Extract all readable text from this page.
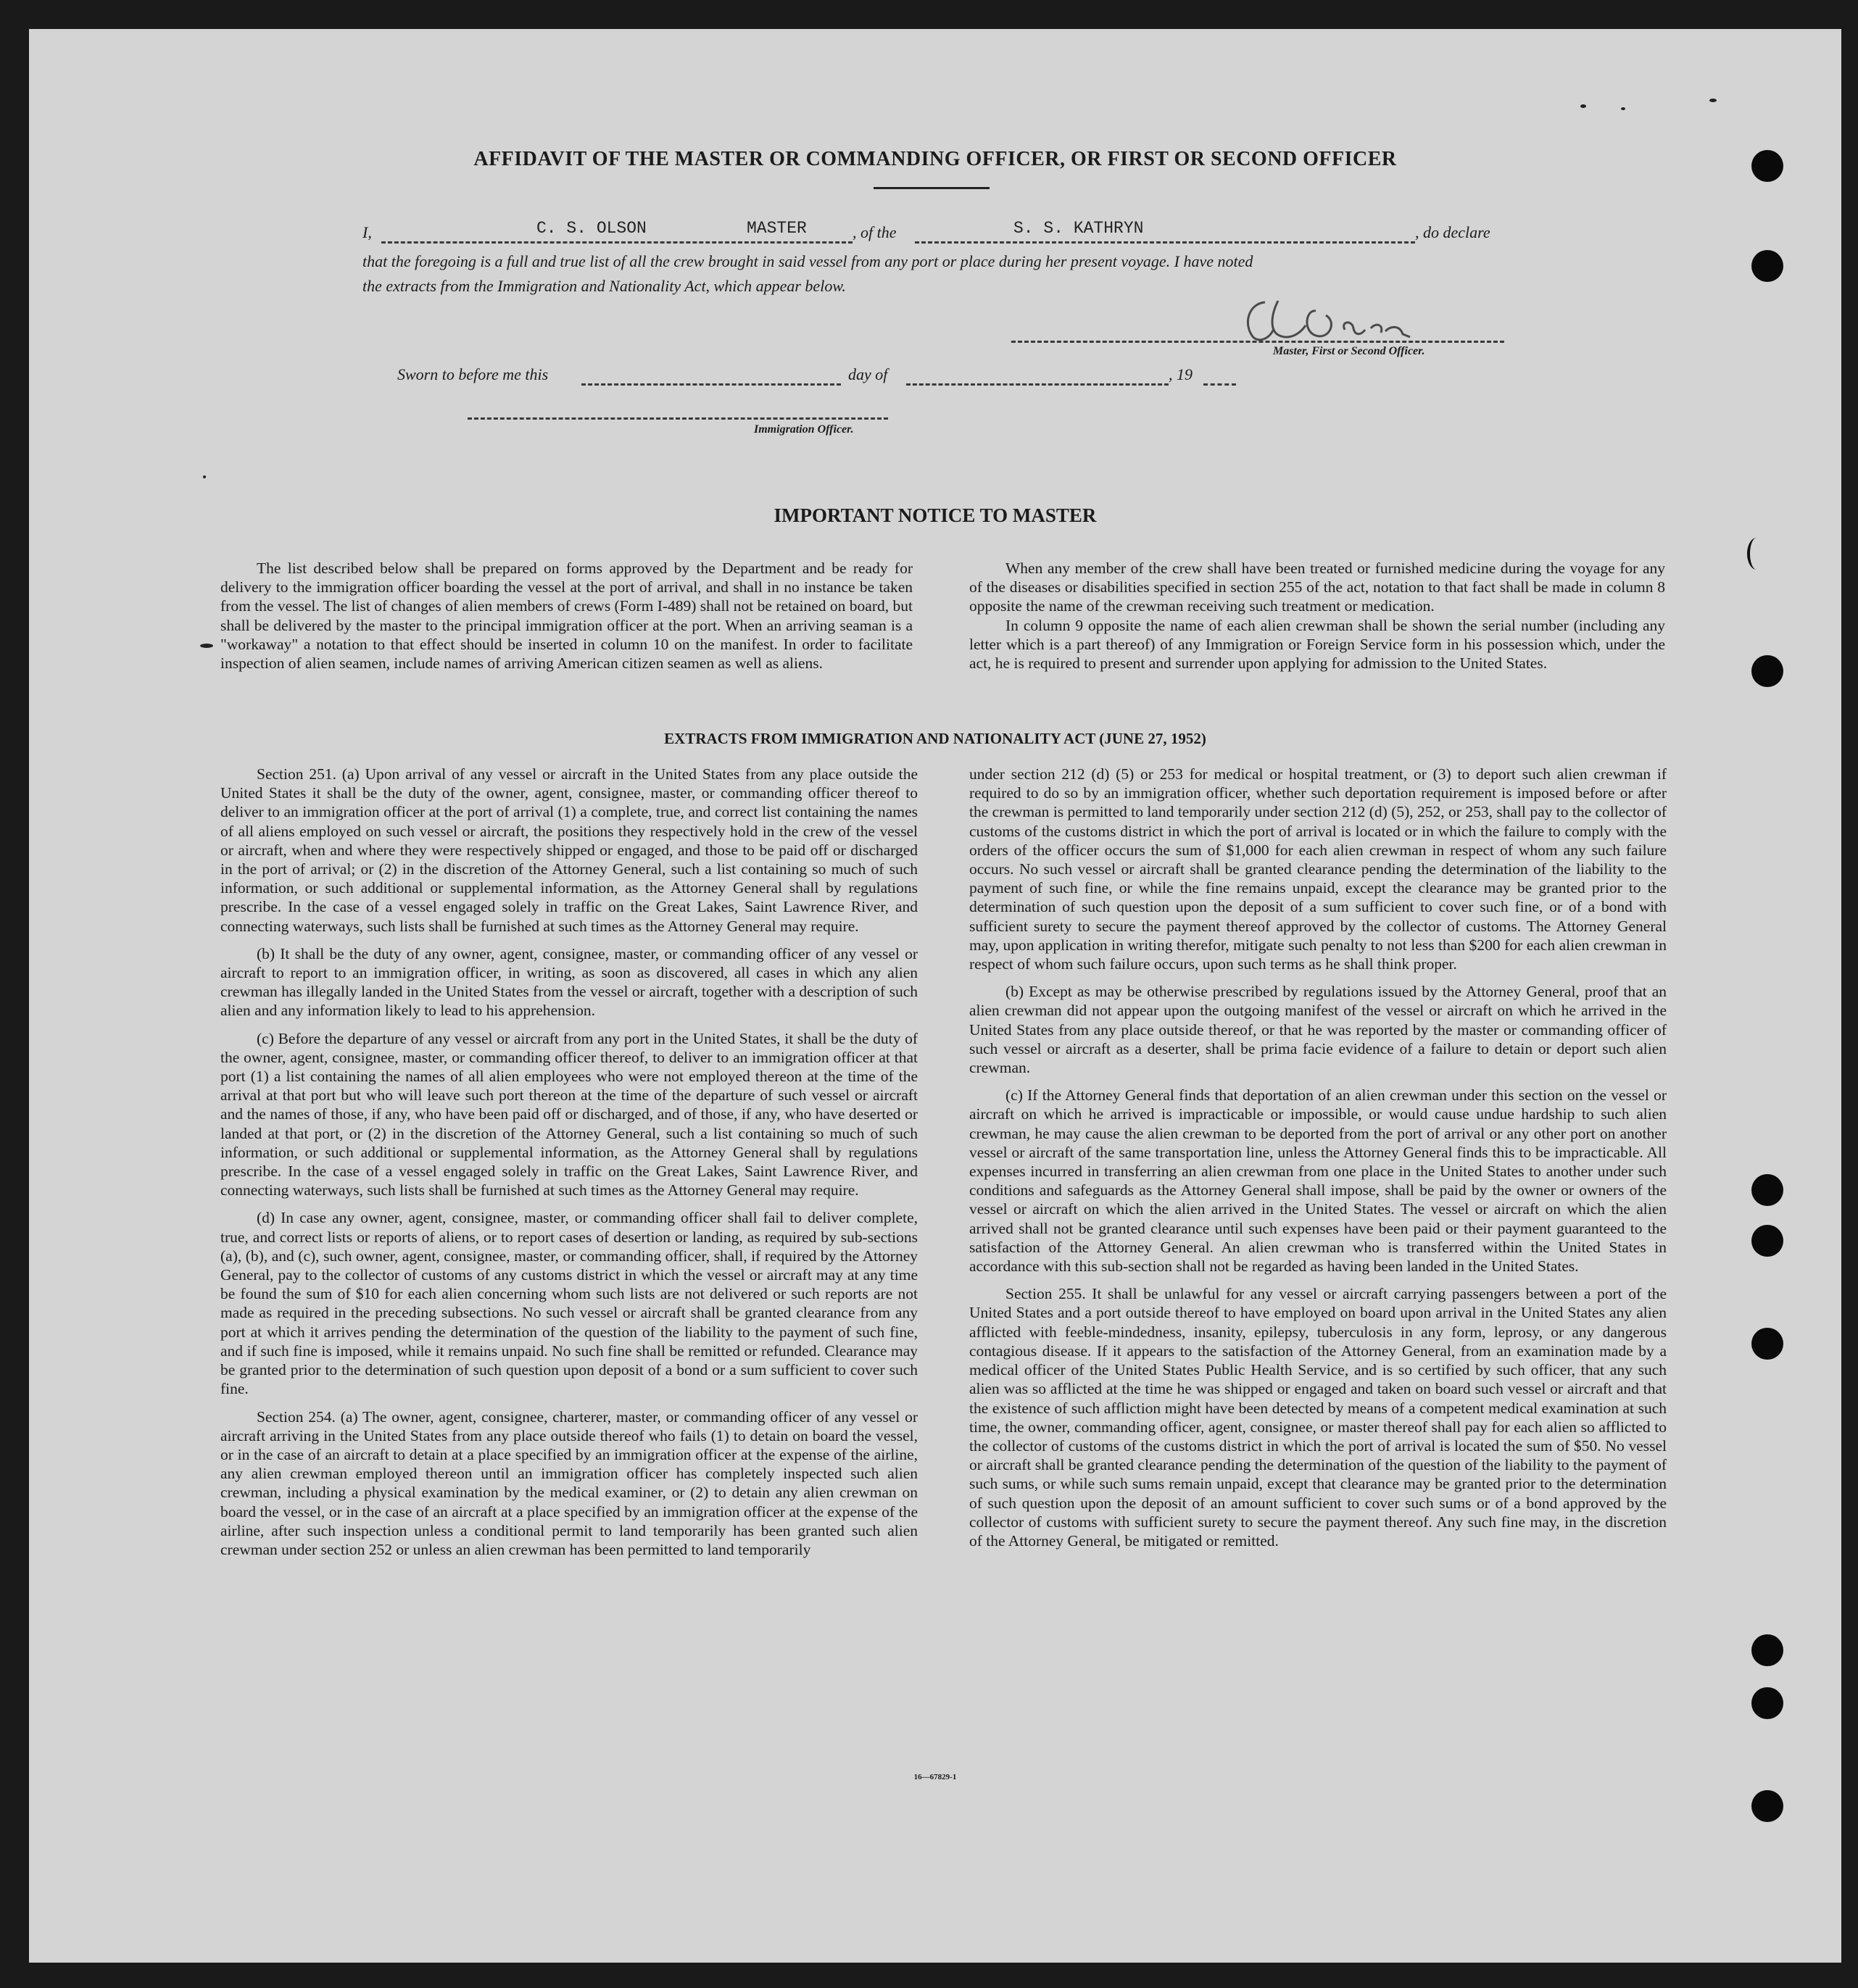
AFFIDAVIT OF THE MASTER OR COMMANDING OFFICER, OR FIRST OR SECOND OFFICER
I,	C. S. OLSON	MASTER	, of the	S. S. KATHRYN	, do declare
that the foregoing is a full and true list of all the crew brought in said vessel from any port or place during her present voyage. I have noted
the extracts from the Immigration and Nationality Act, which appear below.
Master, First or Second Officer.
Sworn to before me this	day of	, 19
Immigration Officer.
IMPORTANT NOTICE TO MASTER

The list described below shall be prepared on forms approved by the Department and be ready for delivery to the immigration officer boarding the vessel at the port of arrival, and shall in no instance be taken from the vessel. The list of changes of alien members of crews (Form I-489) shall not be retained on board, but shall be delivered by the master to the principal immigration officer at the port. When an arriving seaman is a "workaway" a notation to that effect should be inserted in column 10 on the manifest. In order to facilitate inspection of alien seamen, include names of arriving American citizen seamen as well as aliens.

When any member of the crew shall have been treated or furnished medicine during the voyage for any of the diseases or disabilities specified in section 255 of the act, notation to that fact shall be made in column 8 opposite the name of the crewman receiving such treatment or medication.

In column 9 opposite the name of each alien crewman shall be shown the serial number (including any letter which is a part thereof) of any Immigration or Foreign Service form in his possession which, under the act, he is required to present and surrender upon applying for admission to the United States.

EXTRACTS FROM IMMIGRATION AND NATIONALITY ACT (JUNE 27, 1952)

Section 251. (a) Upon arrival of any vessel or aircraft in the United States from any place outside the United States it shall be the duty of the owner, agent, consignee, master, or commanding officer thereof to deliver to an immigration officer at the port of arrival (1) a complete, true, and correct list containing the names of all aliens employed on such vessel or aircraft, the positions they respectively hold in the crew of the vessel or aircraft, when and where they were respectively shipped or engaged, and those to be paid off or discharged in the port of arrival; or (2) in the discretion of the Attorney General, such a list containing so much of such information, or such additional or supplemental information, as the Attorney General shall by regulations prescribe. In the case of a vessel engaged solely in traffic on the Great Lakes, Saint Lawrence River, and connecting waterways, such lists shall be furnished at such times as the Attorney General may require.

(b) It shall be the duty of any owner, agent, consignee, master, or commanding officer of any vessel or aircraft to report to an immigration officer, in writing, as soon as discovered, all cases in which any alien crewman has illegally landed in the United States from the vessel or aircraft, together with a description of such alien and any information likely to lead to his apprehension.

(c) Before the departure of any vessel or aircraft from any port in the United States, it shall be the duty of the owner, agent, consignee, master, or commanding officer thereof, to deliver to an immigration officer at that port (1) a list containing the names of all alien employees who were not employed thereon at the time of the arrival at that port but who will leave such port thereon at the time of the departure of such vessel or aircraft and the names of those, if any, who have been paid off or discharged, and of those, if any, who have deserted or landed at that port, or (2) in the discretion of the Attorney General, such a list containing so much of such information, or such additional or supplemental information, as the Attorney General shall by regulations prescribe. In the case of a vessel engaged solely in traffic on the Great Lakes, Saint Lawrence River, and connecting waterways, such lists shall be furnished at such times as the Attorney General may require.

(d) In case any owner, agent, consignee, master, or commanding officer shall fail to deliver complete, true, and correct lists or reports of aliens, or to report cases of desertion or landing, as required by sub-sections (a), (b), and (c), such owner, agent, consignee, master, or commanding officer, shall, if required by the Attorney General, pay to the collector of customs of any customs district in which the vessel or aircraft may at any time be found the sum of $10 for each alien concerning whom such lists are not delivered or such reports are not made as required in the preceding subsections. No such vessel or aircraft shall be granted clearance from any port at which it arrives pending the determination of the question of the liability to the payment of such fine, and if such fine is imposed, while it remains unpaid. No such fine shall be remitted or refunded. Clearance may be granted prior to the determination of such question upon deposit of a bond or a sum sufficient to cover such fine.

Section 254. (a) The owner, agent, consignee, charterer, master, or commanding officer of any vessel or aircraft arriving in the United States from any place outside thereof who fails (1) to detain on board the vessel, or in the case of an aircraft to detain at a place specified by an immigration officer at the expense of the airline, any alien crewman employed thereon until an immigration officer has completely inspected such alien crewman, including a physical examination by the medical examiner, or (2) to detain any alien crewman on board the vessel, or in the case of an aircraft at a place specified by an immigration officer at the expense of the airline, after such inspection unless a conditional permit to land temporarily has been granted such alien crewman under section 252 or unless an alien crewman has been permitted to land temporarily

under section 212 (d) (5) or 253 for medical or hospital treatment, or (3) to deport such alien crewman if required to do so by an immigration officer, whether such deportation requirement is imposed before or after the crewman is permitted to land temporarily under section 212 (d) (5), 252, or 253, shall pay to the collector of customs of the customs district in which the port of arrival is located or in which the failure to comply with the orders of the officer occurs the sum of $1,000 for each alien crewman in respect of whom any such failure occurs. No such vessel or aircraft shall be granted clearance pending the determination of the liability to the payment of such fine, or while the fine remains unpaid, except the clearance may be granted prior to the determination of such question upon the deposit of a sum sufficient to cover such fine, or of a bond with sufficient surety to secure the payment thereof approved by the collector of customs. The Attorney General may, upon application in writing therefor, mitigate such penalty to not less than $200 for each alien crewman in respect of whom such failure occurs, upon such terms as he shall think proper.

(b) Except as may be otherwise prescribed by regulations issued by the Attorney General, proof that an alien crewman did not appear upon the outgoing manifest of the vessel or aircraft on which he arrived in the United States from any place outside thereof, or that he was reported by the master or commanding officer of such vessel or aircraft as a deserter, shall be prima facie evidence of a failure to detain or deport such alien crewman.

(c) If the Attorney General finds that deportation of an alien crewman under this section on the vessel or aircraft on which he arrived is impracticable or impossible, or would cause undue hardship to such alien crewman, he may cause the alien crewman to be deported from the port of arrival or any other port on another vessel or aircraft of the same transportation line, unless the Attorney General finds this to be impracticable. All expenses incurred in transferring an alien crewman from one place in the United States to another under such conditions and safeguards as the Attorney General shall impose, shall be paid by the owner or owners of the vessel or aircraft on which the alien arrived in the United States. The vessel or aircraft on which the alien arrived shall not be granted clearance until such expenses have been paid or their payment guaranteed to the satisfaction of the Attorney General. An alien crewman who is transferred within the United States in accordance with this sub-section shall not be regarded as having been landed in the United States.

Section 255. It shall be unlawful for any vessel or aircraft carrying passengers between a port of the United States and a port outside thereof to have employed on board upon arrival in the United States any alien afflicted with feeble-mindedness, insanity, epilepsy, tuberculosis in any form, leprosy, or any dangerous contagious disease. If it appears to the satisfaction of the Attorney General, from an examination made by a medical officer of the United States Public Health Service, and is so certified by such officer, that any such alien was so afflicted at the time he was shipped or engaged and taken on board such vessel or aircraft and that the existence of such affliction might have been detected by means of a competent medical examination at such time, the owner, commanding officer, agent, consignee, or master thereof shall pay for each alien so afflicted to the collector of customs of the customs district in which the port of arrival is located the sum of $50. No vessel or aircraft shall be granted clearance pending the determination of the question of the liability to the payment of such sums, or while such sums remain unpaid, except that clearance may be granted prior to the determination of such question upon the deposit of an amount sufficient to cover such sums or of a bond approved by the collector of customs with sufficient surety to secure the payment thereof. Any such fine may, in the discretion of the Attorney General, be mitigated or remitted.

16—67829-1
